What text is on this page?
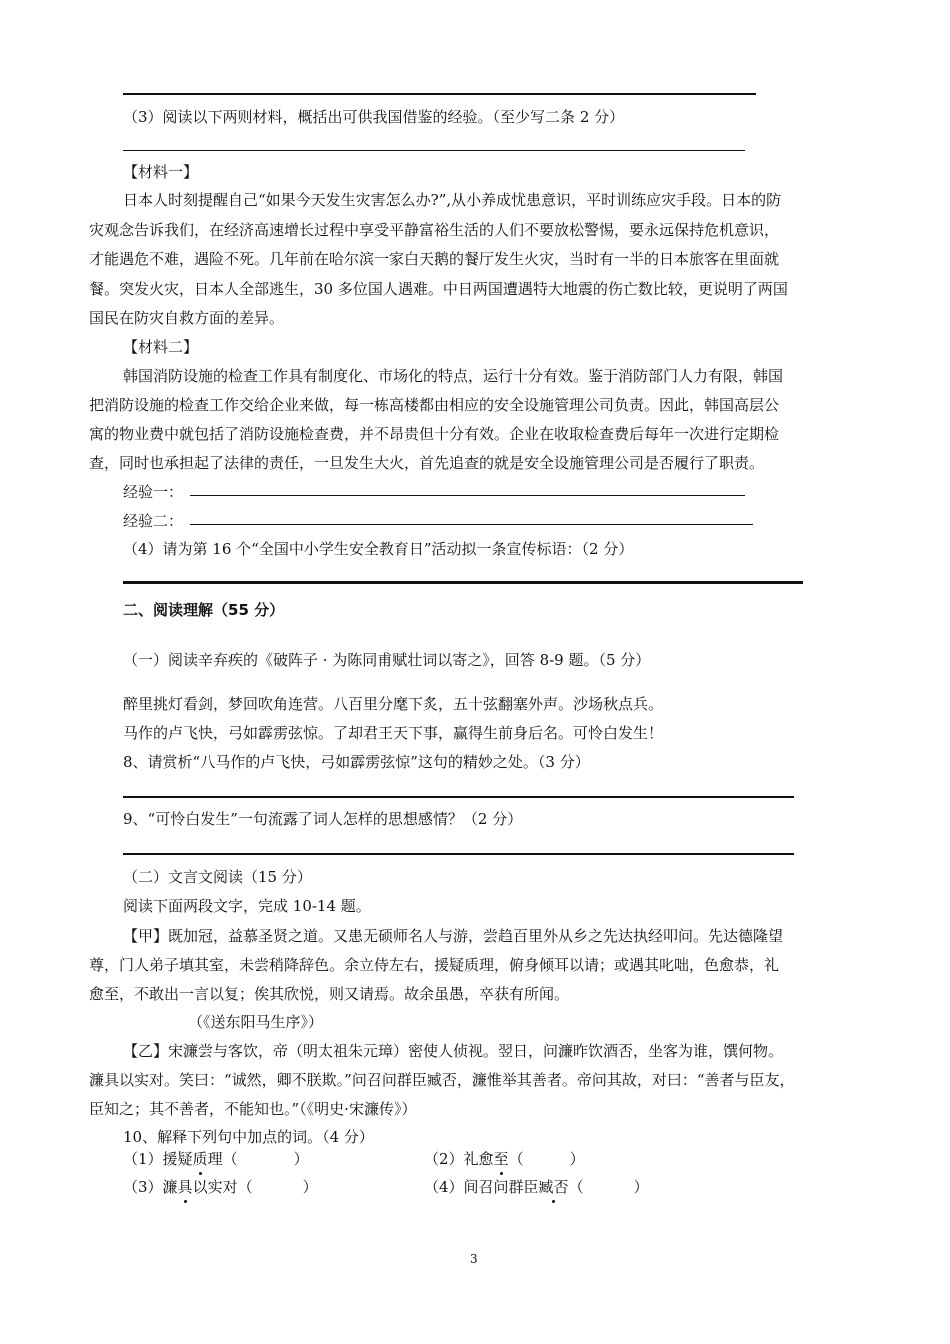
（3）阅读以下两则材料，概括出可供我国借鉴的经验。（至少写二条 2 分）
【材料一】
日本人时刻提醒自己“如果今天发生灾害怎么办?”,从小养成忧患意识，平时训练应灾手段。日本的防
灾观念告诉我们，在经济高速增长过程中享受平静富裕生活的人们不要放松警惕，要永远保持危机意识，
才能遇危不难，遇险不死。几年前在哈尔滨一家白天鹅的餐厅发生火灾，当时有一半的日本旅客在里面就
餐。突发火灾，日本人全部逃生，30 多位国人遇难。中日两国遭遇特大地震的伤亡数比较，更说明了两国
国民在防灾自救方面的差异。
【材料二】
韩国消防设施的检查工作具有制度化、市场化的特点，运行十分有效。鉴于消防部门人力有限，韩国
把消防设施的检查工作交给企业来做，每一栋高楼都由相应的安全设施管理公司负责。因此，韩国高层公
寓的物业费中就包括了消防设施检查费，并不昂贵但十分有效。企业在收取检查费后每年一次进行定期检
查，同时也承担起了法律的责任，一旦发生大火，首先追查的就是安全设施管理公司是否履行了职责。
经验一：
经验二：
（4）请为第 16 个“全国中小学生安全教育日”活动拟一条宣传标语：（2 分）
二、阅读理解（55 分）
（一）阅读辛弃疾的《破阵子 · 为陈同甫赋壮词以寄之》，回答 8-9 题。（5 分）
醉里挑灯看剑，梦回吹角连营。八百里分麾下炙，五十弦翻塞外声。沙场秋点兵。
马作的卢飞快，弓如霹雳弦惊。了却君王天下事，赢得生前身后名。可怜白发生！
8、请赏析“八马作的卢飞快，弓如霹雳弦惊”这句的精妙之处。（3 分）
9、“可怜白发生”一句流露了词人怎样的思想感情？（2 分）
（二）文言文阅读（15 分）
阅读下面两段文字，完成 10-14 题。
【甲】既加冠，益慕圣贤之道。又患无硕师名人与游，尝趋百里外从乡之先达执经叩问。先达德隆望
尊，门人弟子填其室，未尝稍降辞色。余立侍左右，援疑质理，俯身倾耳以请；或遇其叱咄，色愈恭，礼
愈至，不敢出一言以复；俟其欣悦，则又请焉。故余虽愚，卒获有所闻。
（《送东阳马生序》）
【乙】宋濂尝与客饮，帝（明太祖朱元璋）密使人侦视。翌日，问濂昨饮酒否，坐客为谁，馔何物。
濂具以实对。笑曰：“诚然，卿不朕欺。”问召问群臣臧否，濂惟举其善者。帝问其故，对曰：“善者与臣友，
臣知之；其不善者，不能知也。”（《明史·宋濂传》）
10、解释下列句中加点的词。（4 分）
（1）援疑质理（	）	（2）礼愈至（	）
（3）濂具以实对（	）	（4）间召问群臣臧否（	）
3
